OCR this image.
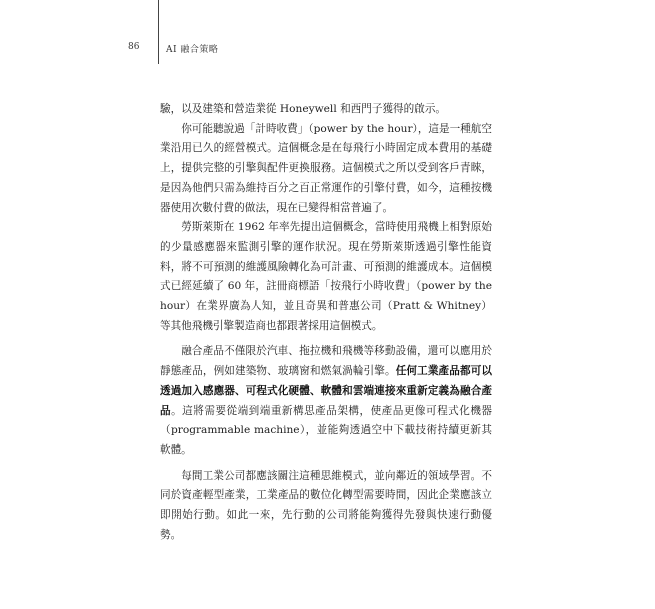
86	AI 融合策略

驗，以及建築和營造業從 Honeywell 和西門子獲得的啟示。

你可能聽說過「計時收費」（power by the hour），這是一種航空業沿用已久的經營模式。這個概念是在每飛行小時固定成本費用的基礎上，提供完整的引擎與配件更換服務。這個模式之所以受到客戶青睞，是因為他們只需為維持百分之百正常運作的引擎付費，如今，這種按機器使用次數付費的做法，現在已變得相當普遍了。

勞斯萊斯在 1962 年率先提出這個概念，當時使用飛機上相對原始的少量感應器來監測引擎的運作狀況。現在勞斯萊斯透過引擎性能資料，將不可預測的維護風險轉化為可計畫、可預測的維護成本。這個模式已經延續了 60 年，註冊商標語「按飛行小時收費」（power by the hour）在業界廣為人知，並且奇異和普惠公司（Pratt & Whitney）等其他飛機引擎製造商也都跟著採用這個模式。

融合產品不僅限於汽車、拖拉機和飛機等移動設備，還可以應用於靜態產品，例如建築物、玻璃窗和燃氣渦輪引擎。任何工業產品都可以透過加入感應器、可程式化硬體、軟體和雲端連接來重新定義為融合產品。這將需要從端到端重新構思產品架構，使產品更像可程式化機器（programmable machine），並能夠透過空中下載技術持續更新其軟體。

每間工業公司都應該關注這種思維模式，並向鄰近的領域學習。不同於資產輕型產業，工業產品的數位化轉型需要時間，因此企業應該立即開始行動。如此一來，先行動的公司將能夠獲得先發與快速行動優勢。
